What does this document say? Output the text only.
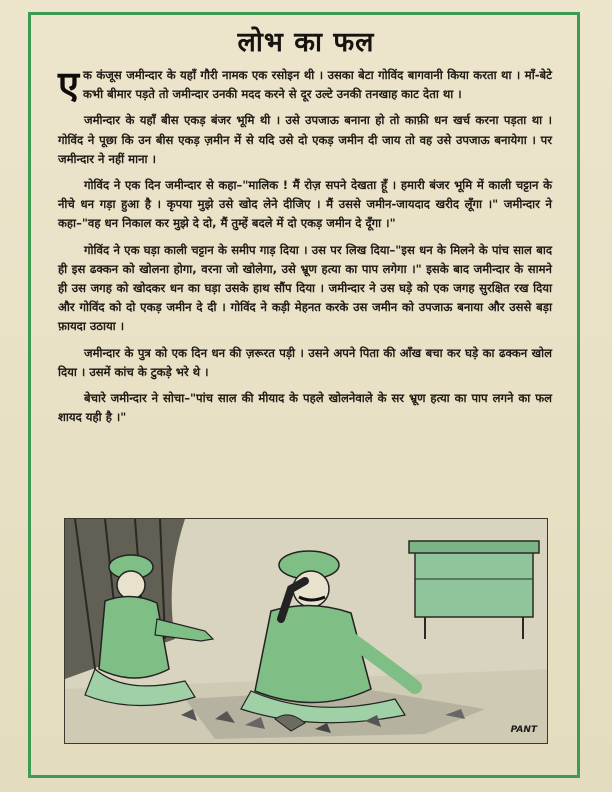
लोभ का फल

एक कंजूस जमीन्दार के यहाँ गौरी नामक एक रसोइन थी । उसका बेटा गोविंद बागवानी किया करता था । माँ-बेटे कभी बीमार पड़ते तो जमीन्दार उनकी मदद करने से दूर उल्टे उनकी तनखाह काट देता था ।

जमीन्दार के यहाँ बीस एकड़ बंजर भूमि थी । उसे उपजाऊ बनाना हो तो काफ़ी धन खर्च करना पड़ता था । गोविंद ने पूछा कि उन बीस एकड़ ज़मीन में से यदि उसे दो एकड़ जमीन दी जाय तो वह उसे उपजाऊ बनायेगा । पर जमीन्दार ने नहीं माना ।

गोविंद ने एक दिन जमीन्दार से कहा–"मालिक ! मैं रोज़ सपने देखता हूँ । हमारी बंजर भूमि में काली चट्टान के नीचे धन गड़ा हुआ है । कृपया मुझे उसे खोद लेने दीजिए । मैं उससे जमीन-जायदाद खरीद लूँगा ।" जमीन्दार ने कहा–"वह धन निकाल कर मुझे दे दो, मैं तुम्हें बदले में दो एकड़ जमीन दे दूँगा ।"

गोविंद ने एक घड़ा काली चट्टान के समीप गाड़ दिया । उस पर लिख दिया–"इस धन के मिलने के पांच साल बाद ही इस ढक्कन को खोलना होगा, वरना जो खोलेगा, उसे भ्रूण हत्या का पाप लगेगा ।" इसके बाद जमीन्दार के सामने ही उस जगह को खोदकर धन का घड़ा उसके हाथ सौंप दिया । जमीन्दार ने उस घड़े को एक जगह सुरक्षित रख दिया और गोविंद को दो एकड़ जमीन दे दी । गोविंद ने कड़ी मेहनत करके उस जमीन को उपजाऊ बनाया और उससे बड़ा फ़ायदा उठाया ।

जमीन्दार के पुत्र को एक दिन धन की ज़रूरत पड़ी । उसने अपने पिता की आँख बचा कर घड़े का ढक्कन खोल दिया । उसमें कांच के टुकड़े भरे थे ।

बेचारे जमीन्दार ने सोचा–"पांच साल की मीयाद के पहले खोलनेवाले के सर भ्रूण हत्या का पाप लगने का फल शायद यही है ।"

PANT
